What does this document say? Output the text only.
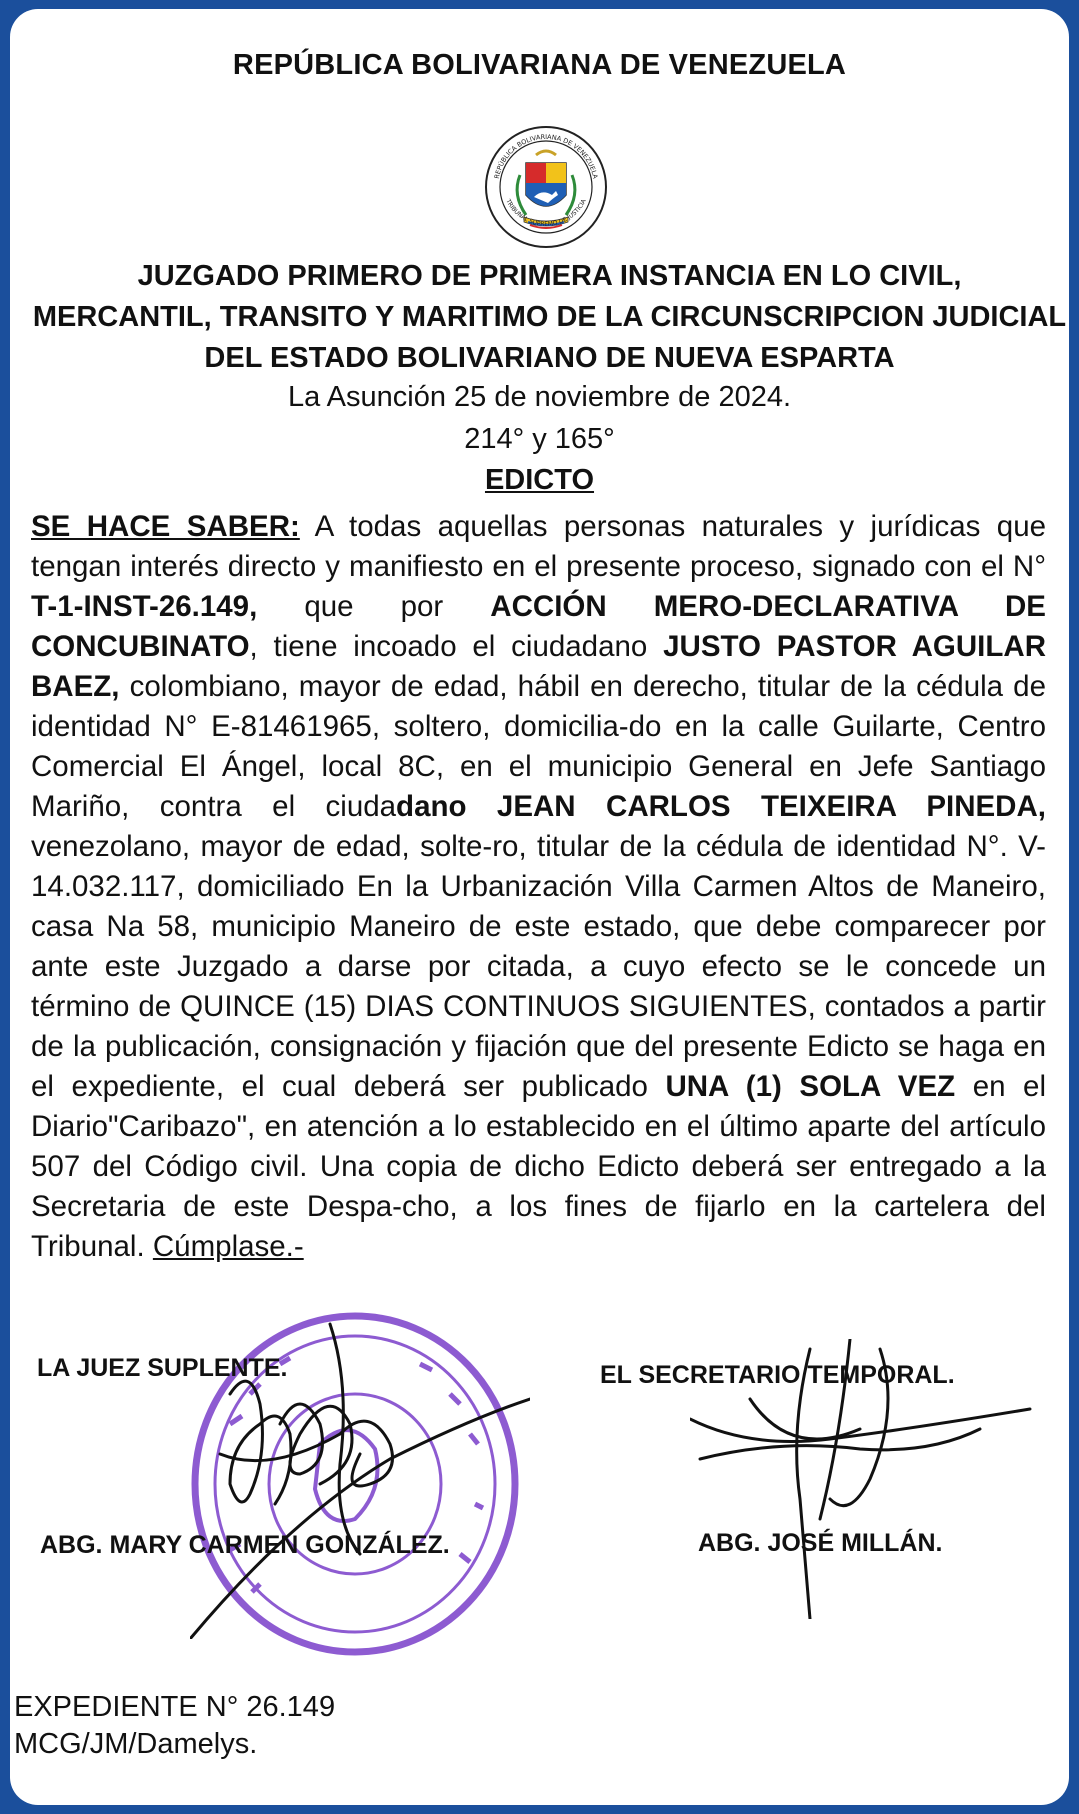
REPÚBLICA BOLIVARIANA DE VENEZUELA
REPÚBLICA BOLIVARIANA DE VENEZUELA
TRIBUNAL SUPREMO DE JUSTICIA
JUZGADO PRIMERO DE PRIMERA INSTANCIA EN LO CIVIL,
MERCANTIL, TRANSITO Y MARITIMO DE LA CIRCUNSCRIPCION JUDICIAL
DEL ESTADO BOLIVARIANO DE NUEVA ESPARTA
La Asunción 25 de noviembre de 2024.
214° y 165°
EDICTO
SE HACE SABER: A todas aquellas personas naturales y jurídicas que tengan interés directo y manifiesto en el presente proceso, signado con el N° T-1-INST-26.149, que por ACCIÓN MERO-DECLARATIVA DE CONCUBINATO, tiene incoado el ciudadano JUSTO PASTOR AGUILAR BAEZ, colombiano, mayor de edad, hábil en derecho, titular de la cédula de identidad N° E-81461965, soltero, domicilia-do en la calle Guilarte, Centro Comercial El Ángel, local 8C, en el municipio General en Jefe Santiago Mariño, contra el ciudadano JEAN CARLOS TEIXEIRA PINEDA, venezolano, mayor de edad, solte-ro, titular de la cédula de identidad N°. V-14.032.117, domiciliado En la Urbanización Villa Carmen Altos de Maneiro, casa Na 58, municipio Maneiro de este estado, que debe comparecer por ante este Juzgado a darse por citada, a cuyo efecto se le concede un término de QUINCE (15) DIAS CONTINUOS SIGUIENTES, contados a partir de la publicación, consignación y fijación que del presente Edicto se haga en el expediente, el cual deberá ser publicado UNA (1) SOLA VEZ en el Diario"Caribazo", en atención a lo establecido en el último aparte del artículo 507 del Código civil. Una copia de dicho Edicto deberá ser entregado a la Secretaria de este Despa-cho, a los fines de fijarlo en la cartelera del Tribunal. Cúmplase.-
LA JUEZ SUPLENTE.
ABG. MARY CARMEN GONZÁLEZ.
EL SECRETARIO TEMPORAL.
ABG. JOSÉ MILLÁN.
EXPEDIENTE N° 26.149
MCG/JM/Damelys.
